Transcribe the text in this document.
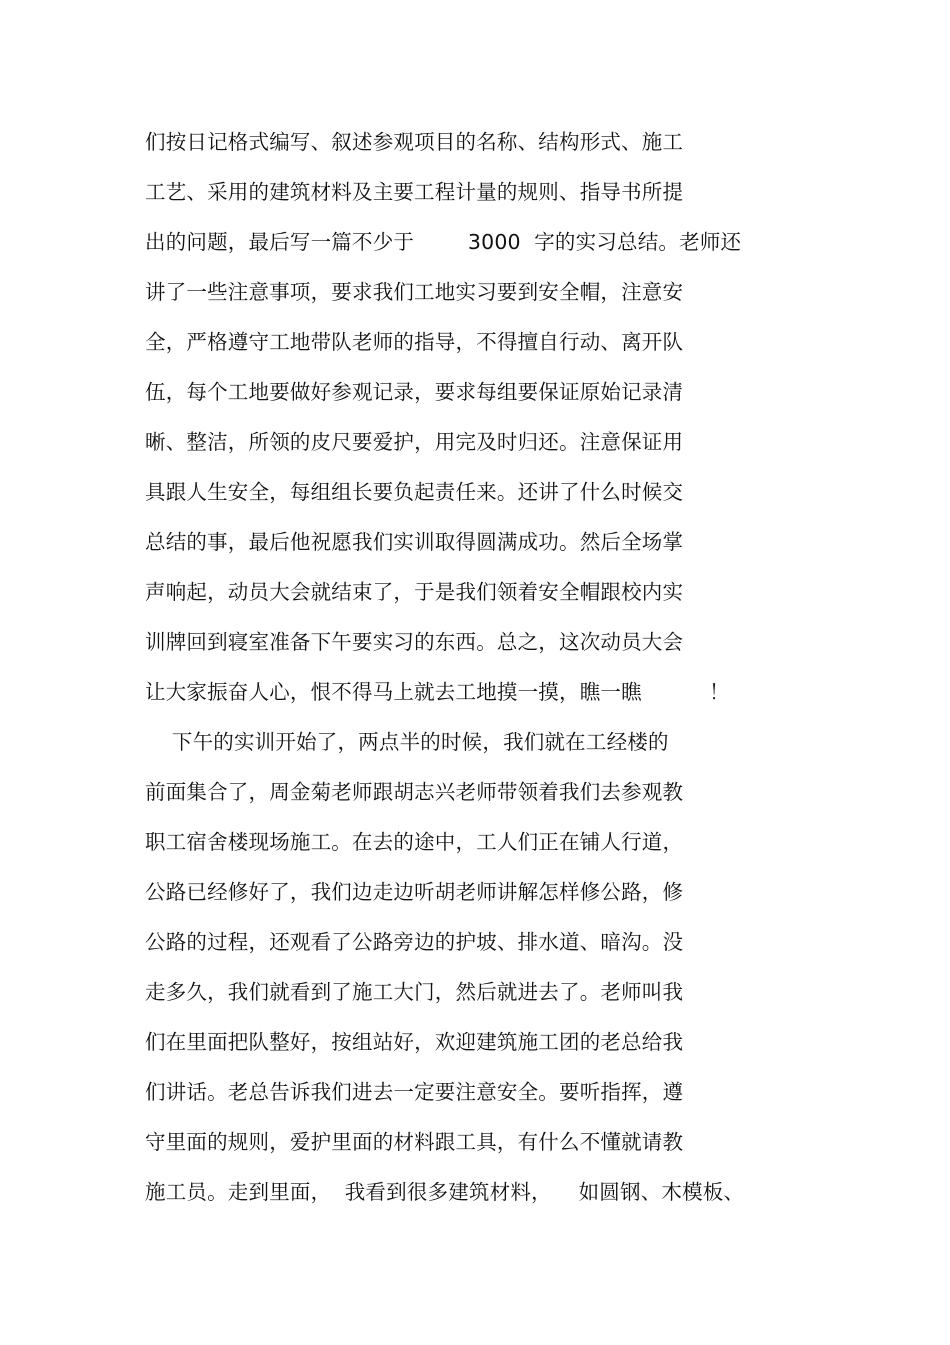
们按日记格式编写、叙述参观项目的名称、结构形式、施工
工艺、采用的建筑材料及主要工程计量的规则、指导书所提
出的问题，最后写一篇不少于        3000  字的实习总结。老师还
讲了一些注意事项，要求我们工地实习要到安全帽，注意安
全，严格遵守工地带队老师的指导，不得擅自行动、离开队
伍，每个工地要做好参观记录，要求每组要保证原始记录清
晰、整洁，所领的皮尺要爱护，用完及时归还。注意保证用
具跟人生安全，每组组长要负起责任来。还讲了什么时候交
总结的事，最后他祝愿我们实训取得圆满成功。然后全场掌
声响起，动员大会就结束了，于是我们领着安全帽跟校内实
训牌回到寝室准备下午要实习的东西。总之，这次动员大会
让大家振奋人心，恨不得马上就去工地摸一摸，瞧一瞧          ！
下午的实训开始了，两点半的时候，我们就在工经楼的
前面集合了，周金菊老师跟胡志兴老师带领着我们去参观教
职工宿舍楼现场施工。在去的途中，工人们正在铺人行道，
公路已经修好了，我们边走边听胡老师讲解怎样修公路，修
公路的过程，还观看了公路旁边的护坡、排水道、暗沟。没
走多久，我们就看到了施工大门，然后就进去了。老师叫我
们在里面把队整好，按组站好，欢迎建筑施工团的老总给我
们讲话。老总告诉我们进去一定要注意安全。要听指挥，遵
守里面的规则，爱护里面的材料跟工具，有什么不懂就请教
施工员。走到里面，  我看到很多建筑材料，    如圆钢、木模板、
